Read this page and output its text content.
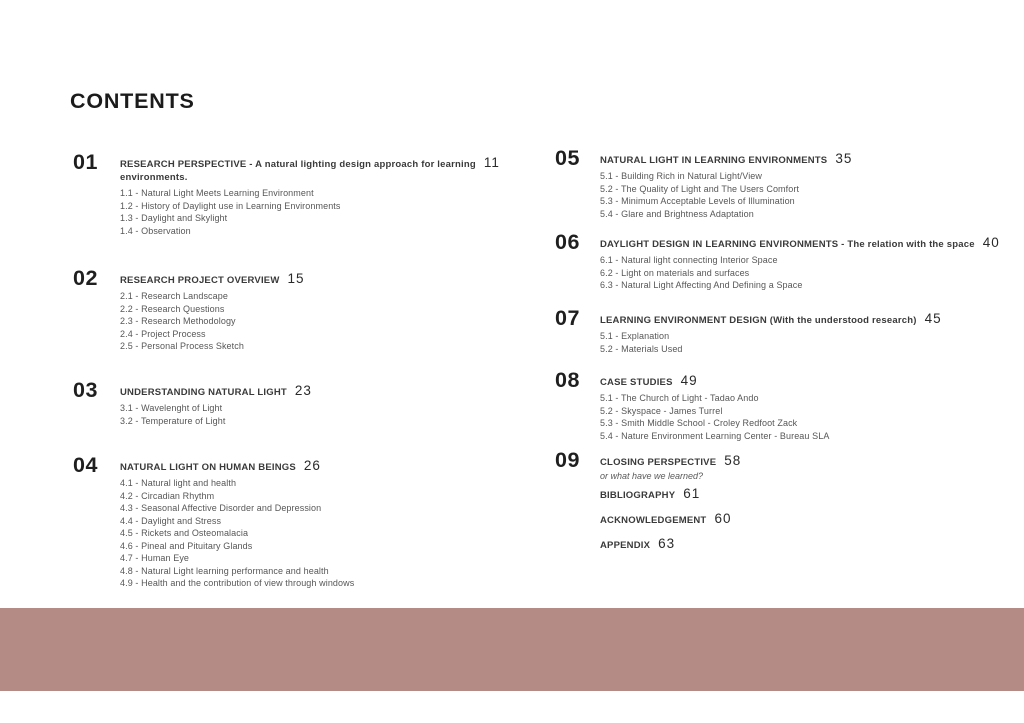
CONTENTS
01	RESEARCH PERSPECTIVE - A natural lighting design approach for learning 11
environments.
1.1 - Natural Light Meets Learning Environment
1.2 - History of Daylight use in Learning Environments
1.3 - Daylight and Skylight
1.4 - Observation
02	RESEARCH PROJECT OVERVIEW 15
2.1 - Research Landscape
2.2 - Research Questions
2.3 - Research Methodology
2.4 - Project Process
2.5 - Personal Process Sketch
03	UNDERSTANDING NATURAL LIGHT 23
3.1 - Wavelenght of Light
3.2 - Temperature of Light
04	NATURAL LIGHT ON HUMAN BEINGS 26
4.1 - Natural light and health
4.2 - Circadian Rhythm
4.3 - Seasonal Affective Disorder and Depression
4.4 - Daylight and Stress
4.5 - Rickets and Osteomalacia
4.6 - Pineal and Pituitary Glands
4.7 - Human Eye
4.8 - Natural Light learning performance and health
4.9 - Health and the contribution of view through windows
05	NATURAL LIGHT IN LEARNING ENVIRONMENTS 35
5.1 - Building Rich in Natural Light/View
5.2 - The Quality of Light and The Users Comfort
5.3 - Minimum Acceptable Levels of Illumination
5.4 - Glare and Brightness Adaptation
06	DAYLIGHT DESIGN IN LEARNING ENVIRONMENTS - The relation with the space 40
6.1 - Natural light connecting Interior Space
6.2 - Light on materials and surfaces
6.3 - Natural Light Affecting And Defining a Space
07	LEARNING ENVIRONMENT DESIGN (With the understood research) 45
5.1 - Explanation
5.2 - Materials Used
08	CASE STUDIES 49
5.1 - The Church of Light - Tadao Ando
5.2 - Skyspace - James Turrel
5.3 - Smith Middle School - Croley Redfoot Zack
5.4 - Nature Environment Learning Center - Bureau SLA
09	CLOSING PERSPECTIVE 58
or what have we learned?
BIBLIOGRAPHY 61
ACKNOWLEDGEMENT 60
APPENDIX 63
